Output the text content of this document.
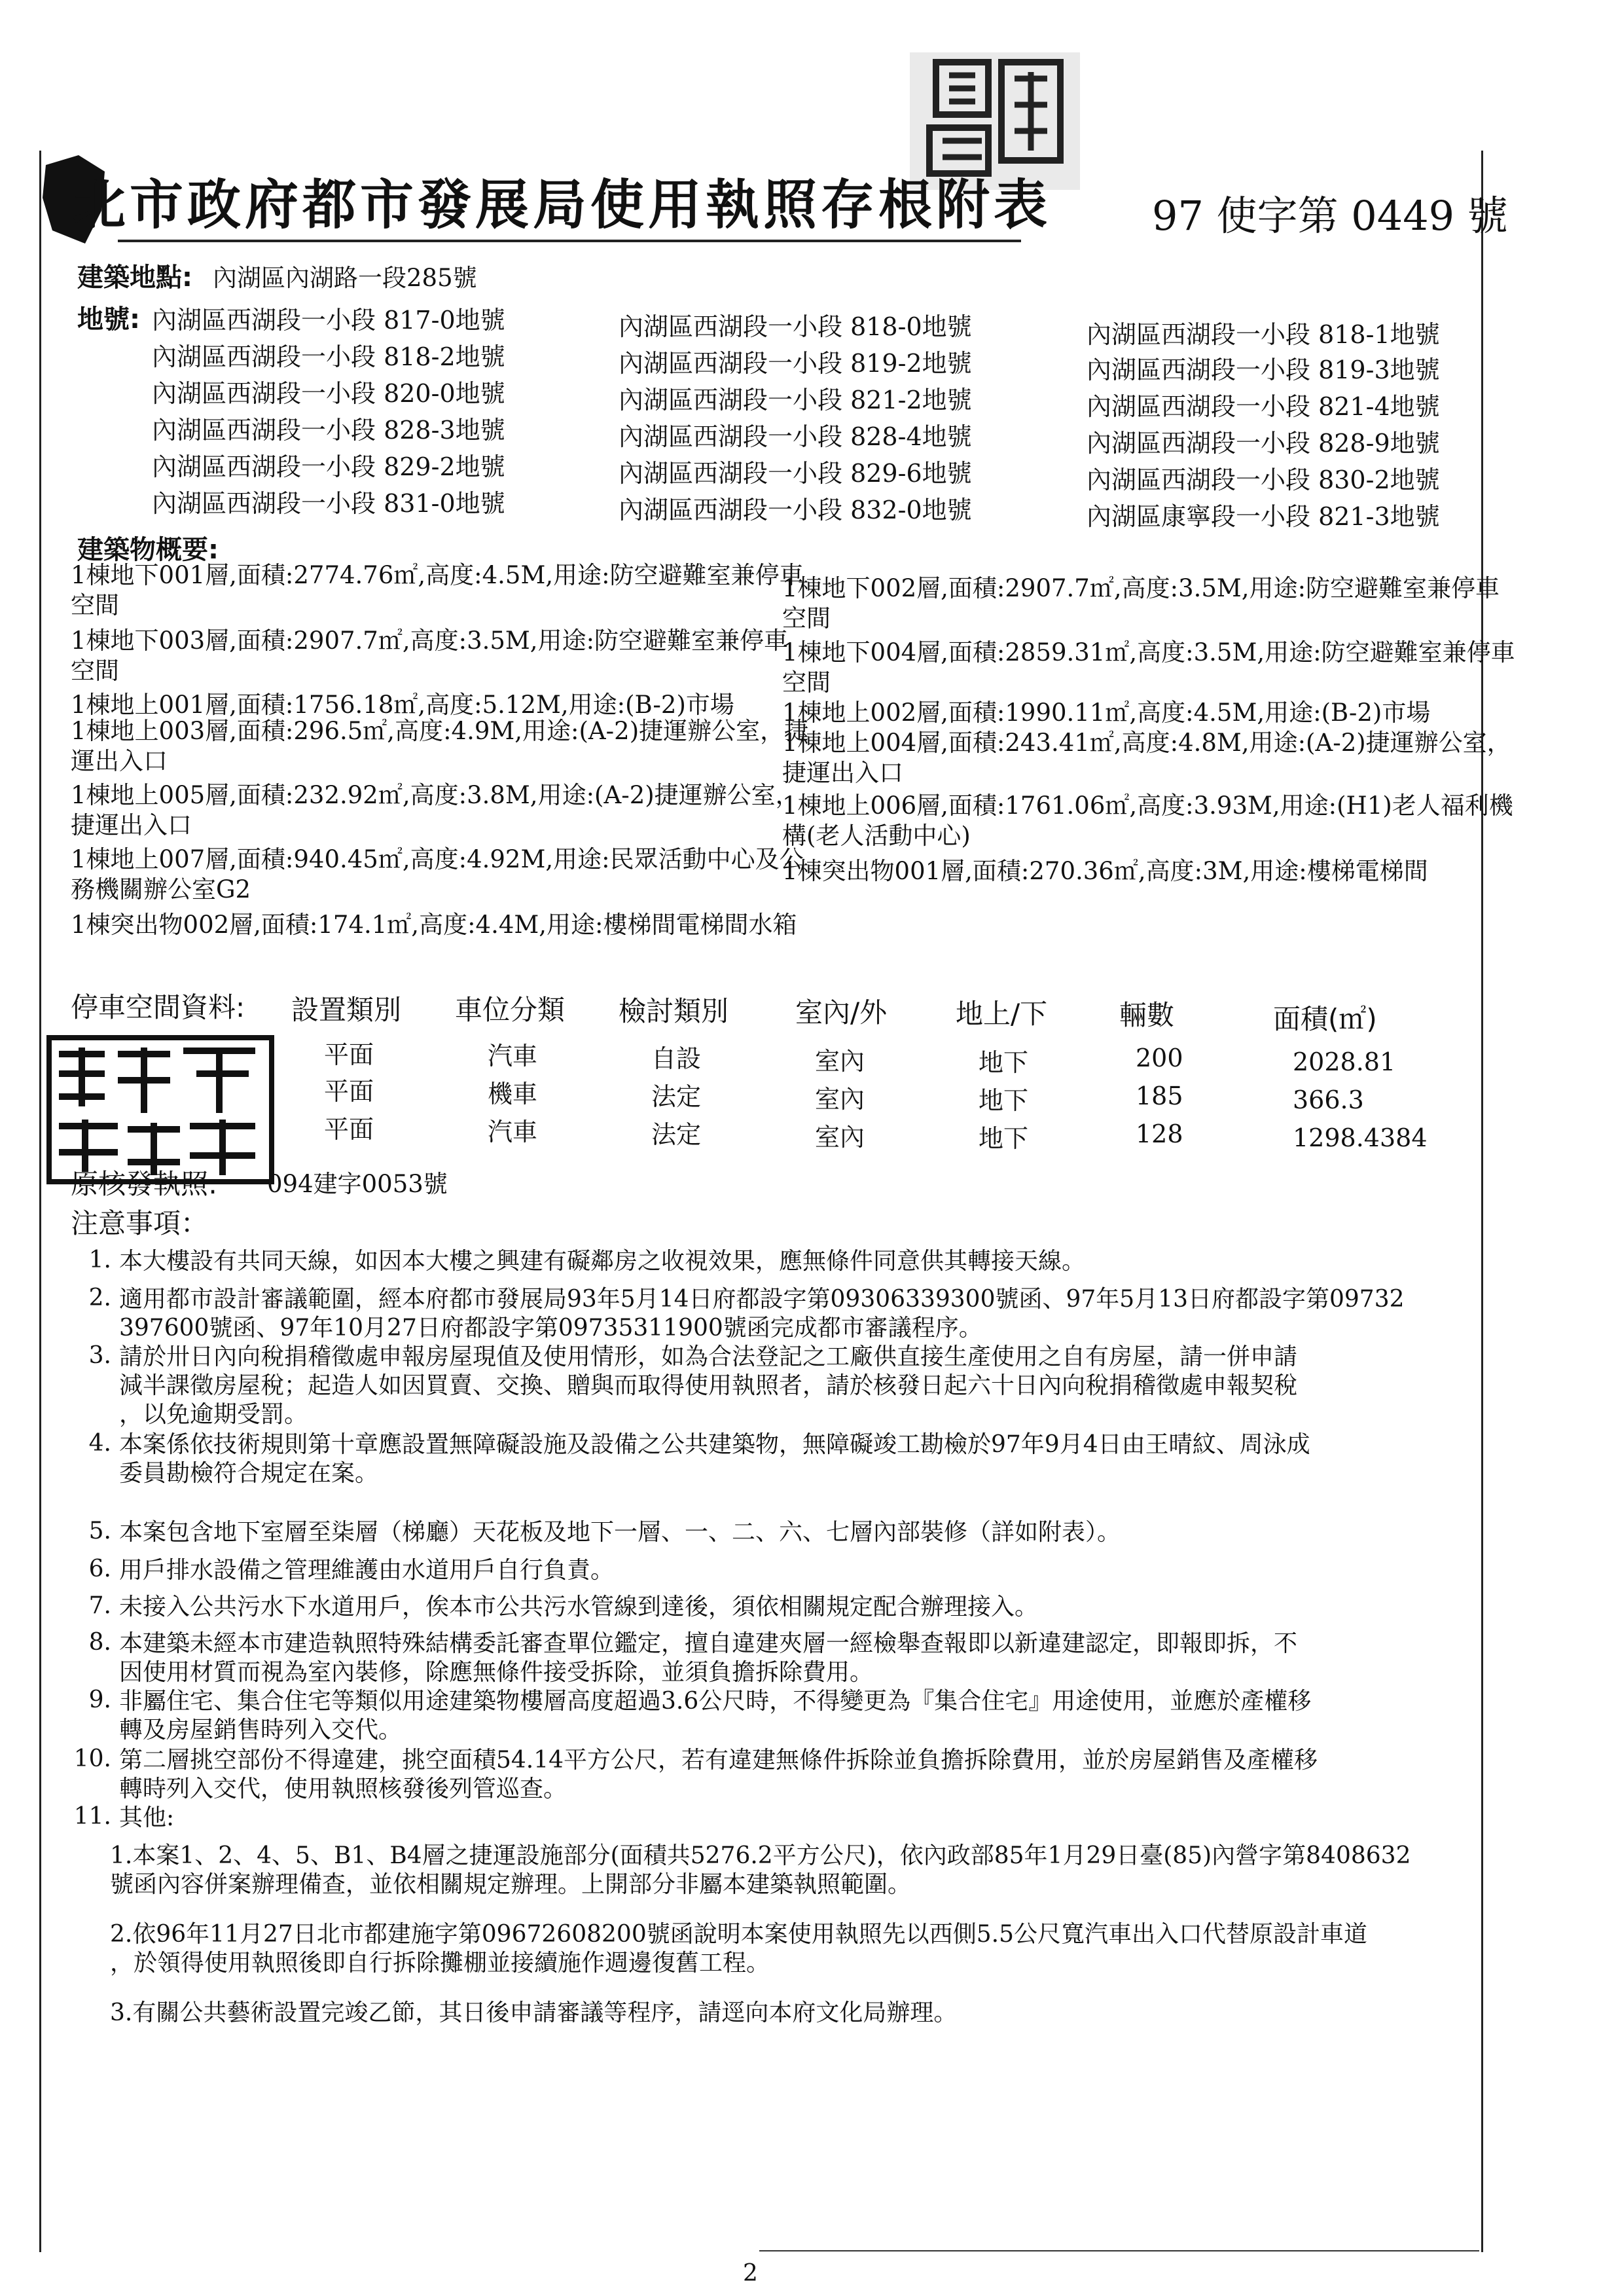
北市政府都市發展局使用執照存根附表 97 使字第 0449 號
建築地點: 內湖區內湖路一段285號
地號: 內湖區西湖段一小段 817-0地號	內湖區西湖段一小段 818-0地號	內湖區西湖段一小段 818-1地號
內湖區西湖段一小段 818-2地號	內湖區西湖段一小段 819-2地號	內湖區西湖段一小段 819-3地號
內湖區西湖段一小段 820-0地號	內湖區西湖段一小段 821-2地號	內湖區西湖段一小段 821-4地號
內湖區西湖段一小段 828-3地號	內湖區西湖段一小段 828-4地號	內湖區西湖段一小段 828-9地號
內湖區西湖段一小段 829-2地號	內湖區西湖段一小段 829-6地號	內湖區西湖段一小段 830-2地號
內湖區西湖段一小段 831-0地號	內湖區西湖段一小段 832-0地號	內湖區康寧段一小段 821-3地號
建築物概要:
1棟地下001層,面積:2774.76㎡,高度:4.5M,用途:防空避難室兼停車空間
1棟地下003層,面積:2907.7㎡,高度:3.5M,用途:防空避難室兼停車空間
1棟地上001層,面積:1756.18㎡,高度:5.12M,用途:(B-2)市場
1棟地上003層,面積:296.5㎡,高度:4.9M,用途:(A-2)捷運辦公室，捷運出入口
1棟地上005層,面積:232.92㎡,高度:3.8M,用途:(A-2)捷運辦公室，捷運出入口
1棟地上007層,面積:940.45㎡,高度:4.92M,用途:民眾活動中心及公務機關辦公室G2
1棟突出物002層,面積:174.1㎡,高度:4.4M,用途:樓梯間電梯間水箱
1棟地下002層,面積:2907.7㎡,高度:3.5M,用途:防空避難室兼停車空間
1棟地下004層,面積:2859.31㎡,高度:3.5M,用途:防空避難室兼停車空間
1棟地上002層,面積:1990.11㎡,高度:4.5M,用途:(B-2)市場
1棟地上004層,面積:243.41㎡,高度:4.8M,用途:(A-2)捷運辦公室，捷運出入口
1棟地上006層,面積:1761.06㎡,高度:3.93M,用途:(H1)老人福利機構(老人活動中心)
1棟突出物001層,面積:270.36㎡,高度:3M,用途:樓梯電梯間
停車空間資料: 設置類別 車位分類 檢討類別 室內/外 地上/下	輛數	面積(㎡)
平面	汽車	自設	室內	地下	200	2028.81
平面	機車	法定	室內	地下	185	366.3
平面	汽車	法定	室內	地下	128	1298.4384
原核發執照: 094建字0053號
注意事項：
1. 本大樓設有共同天線，如因本大樓之興建有礙鄰房之收視效果，應無條件同意供其轉接天線。
2. 適用都市設計審議範圍，經本府都市發展局93年5月14日府都設字第09306339300號函、97年5月13日府都設字第09732
397600號函、97年10月27日府都設字第09735311900號函完成都市審議程序。
3. 請於卅日內向稅捐稽徵處申報房屋現值及使用情形，如為合法登記之工廠供直接生產使用之自有房屋，請一併申請
減半課徵房屋稅；起造人如因買賣、交換、贈與而取得使用執照者，請於核發日起六十日內向稅捐稽徵處申報契稅
，以免逾期受罰。
4. 本案係依技術規則第十章應設置無障礙設施及設備之公共建築物，無障礙竣工勘檢於97年9月4日由王晴紋、周泳成
委員勘檢符合規定在案。
5. 本案包含地下室層至柒層（梯廳）天花板及地下一層、一、二、六、七層內部裝修（詳如附表）。
6. 用戶排水設備之管理維護由水道用戶自行負責。
7. 未接入公共污水下水道用戶，俟本市公共污水管線到達後，須依相關規定配合辦理接入。
8. 本建築未經本市建造執照特殊結構委託審查單位鑑定，擅自違建夾層一經檢舉查報即以新違建認定，即報即拆，不
因使用材質而視為室內裝修，除應無條件接受拆除，並須負擔拆除費用。
9. 非屬住宅、集合住宅等類似用途建築物樓層高度超過3.6公尺時，不得變更為『集合住宅』用途使用，並應於產權移
轉及房屋銷售時列入交代。
10. 第二層挑空部份不得違建，挑空面積54.14平方公尺，若有違建無條件拆除並負擔拆除費用，並於房屋銷售及產權移
轉時列入交代，使用執照核發後列管巡查。
11. 其他:
1.本案1、2、4、5、B1、B4層之捷運設施部分(面積共5276.2平方公尺)，依內政部85年1月29日臺(85)內營字第8408632
號函內容併案辦理備查，並依相關規定辦理。上開部分非屬本建築執照範圍。
2.依96年11月27日北市都建施字第09672608200號函說明本案使用執照先以西側5.5公尺寬汽車出入口代替原設計車道
，於領得使用執照後即自行拆除攤棚並接續施作週邊復舊工程。
3.有關公共藝術設置完竣乙節，其日後申請審議等程序，請逕向本府文化局辦理。
2
